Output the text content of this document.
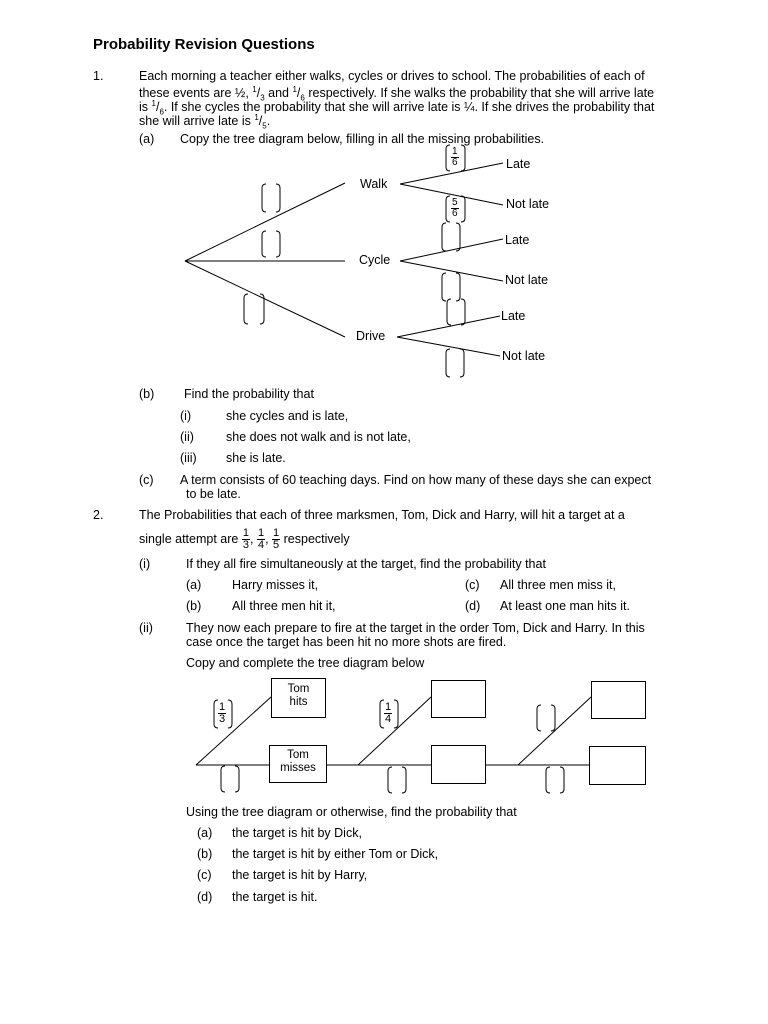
Probability Revision Questions
1.	Each morning a teacher either walks, cycles or drives to school. The probabilities of each of
these events are ½, $^1/_3$ and $^1/_6$ respectively. If she walks the probability that she will arrive late
is $^1/_6$. If she cycles the probability that she will arrive late is ¼. If she drives the probability that
she will arrive late is $^1/_5$.
(a) Copy the tree diagram below, filling in all the missing probabilities.
Walk
Cycle
Drive
Late
Not late
Late
Not late
Late
Not late
1
6
5
6
(b) Find the probability that
(i)	she cycles and is late,
(ii)	she does not walk and is not late,
(iii) she is late.
(c) A term consists of 60 teaching days. Find on how many of these days she can expect
to be late.
2.	The Probabilities that each of three marksmen, Tom, Dick and Harry, will hit a target at a
single attempt are $\frac{1}{3}$ , $\frac{1}{4}$ , $\frac{1}{5}$ respectively
(i)	If they all fire simultaneously at the target, find the probability that
(a) Harry misses it,	(c) All three men miss it,
(b) All three men hit it,	(d) At least one man hits it.
(ii)	They now each prepare to fire at the target in the order Tom, Dick and Harry. In this
case once the target has been hit no more shots are fired.
Copy and complete the tree diagram below
Tom
hits
Tom
misses
1
3
1
4
Using the tree diagram or otherwise, find the probability that
(a) the target is hit by Dick,
(b) the target is hit by either Tom or Dick,
(c) the target is hit by Harry,
(d) the target is hit.
